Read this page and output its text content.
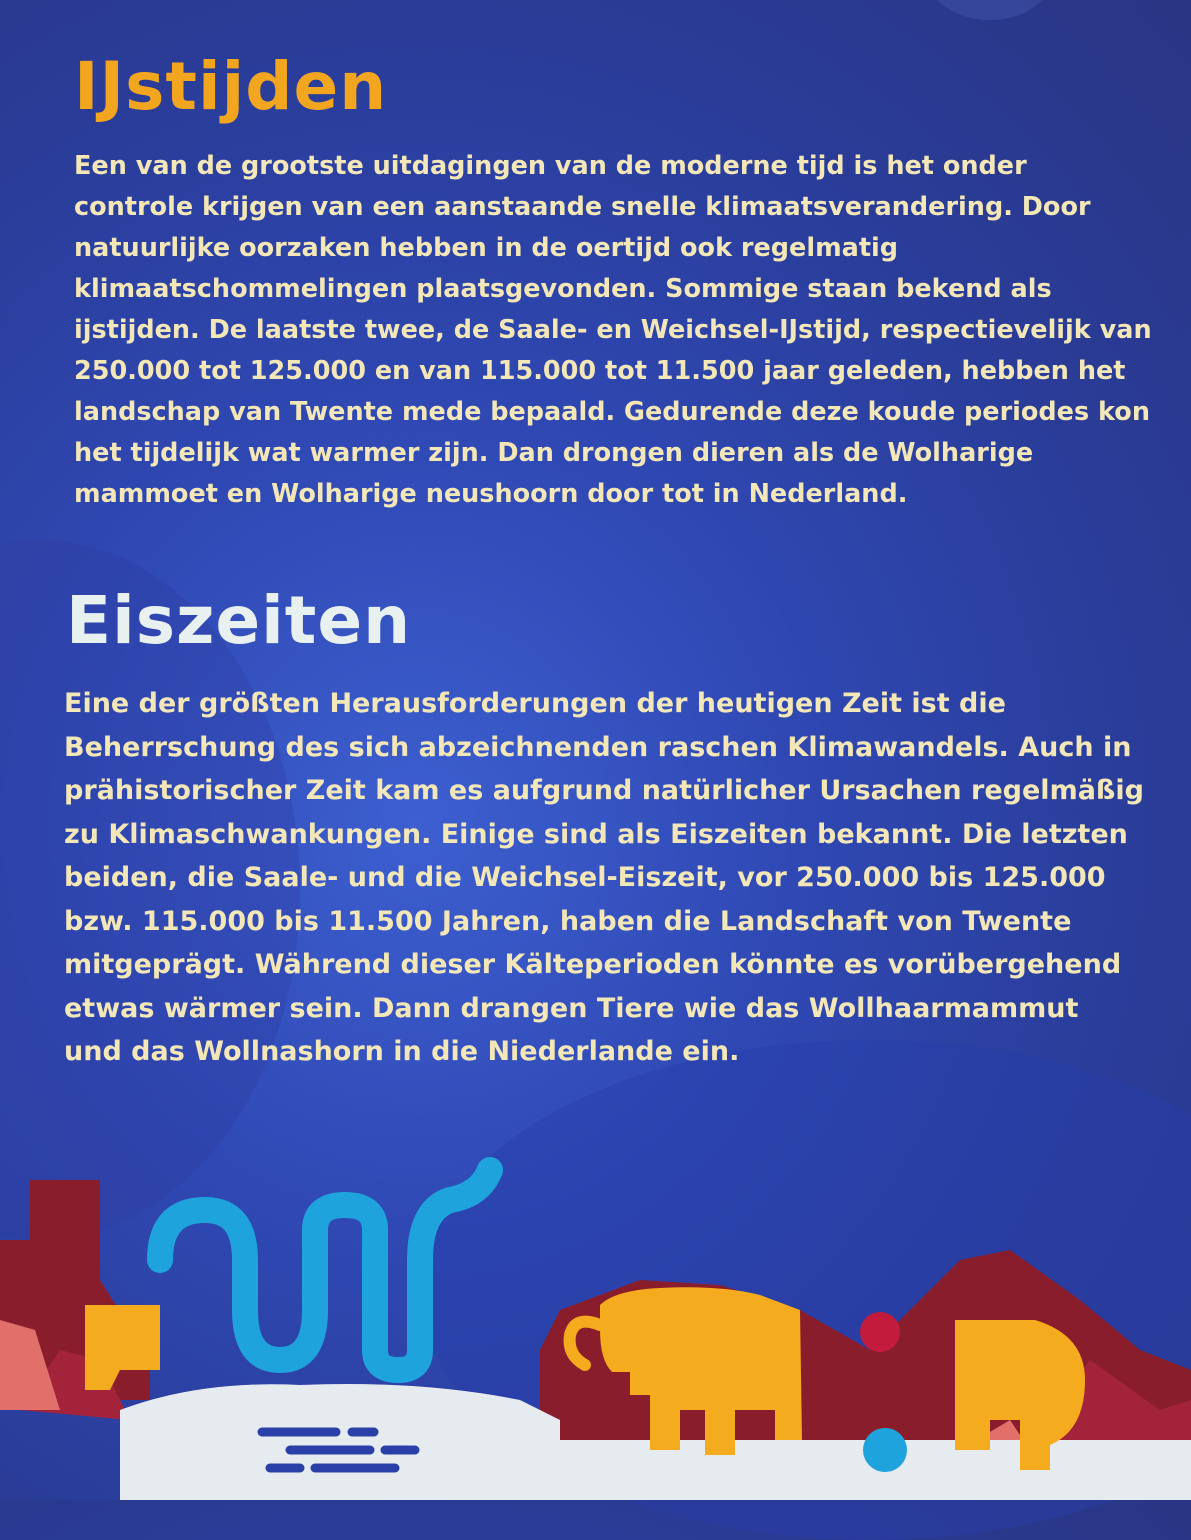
IJstijden

Een van de grootste uitdagingen van de moderne tijd is het onder controle krijgen van een aanstaande snelle klimaatsverandering. Door natuurlijke oorzaken hebben in de oertijd ook regelmatig klimaatschommelingen plaatsgevonden. Sommige staan bekend als ijstijden. De laatste twee, de Saale- en Weichsel-IJstijd, respectievelijk van 250.000 tot 125.000 en van 115.000 tot 11.500 jaar geleden, hebben het landschap van Twente mede bepaald. Gedurende deze koude periodes kon het tijdelijk wat warmer zijn. Dan drongen dieren als de Wolharige mammoet en Wolharige neushoorn door tot in Nederland.

Eiszeiten

Eine der größten Herausforderungen der heutigen Zeit ist die Beherrschung des sich abzeichnenden raschen Klimawandels. Auch in prähistorischer Zeit kam es aufgrund natürlicher Ursachen regelmäßig zu Klimaschwankungen. Einige sind als Eiszeiten bekannt. Die letzten beiden, die Saale- und die Weichsel-Eiszeit, vor 250.000 bis 125.000 bzw. 115.000 bis 11.500 Jahren, haben die Landschaft von Twente mitgeprägt. Während dieser Kälteperioden könnte es vorübergehend etwas wärmer sein. Dann drangen Tiere wie das Wollhaarmammut und das Wollnashorn in die Niederlande ein.
